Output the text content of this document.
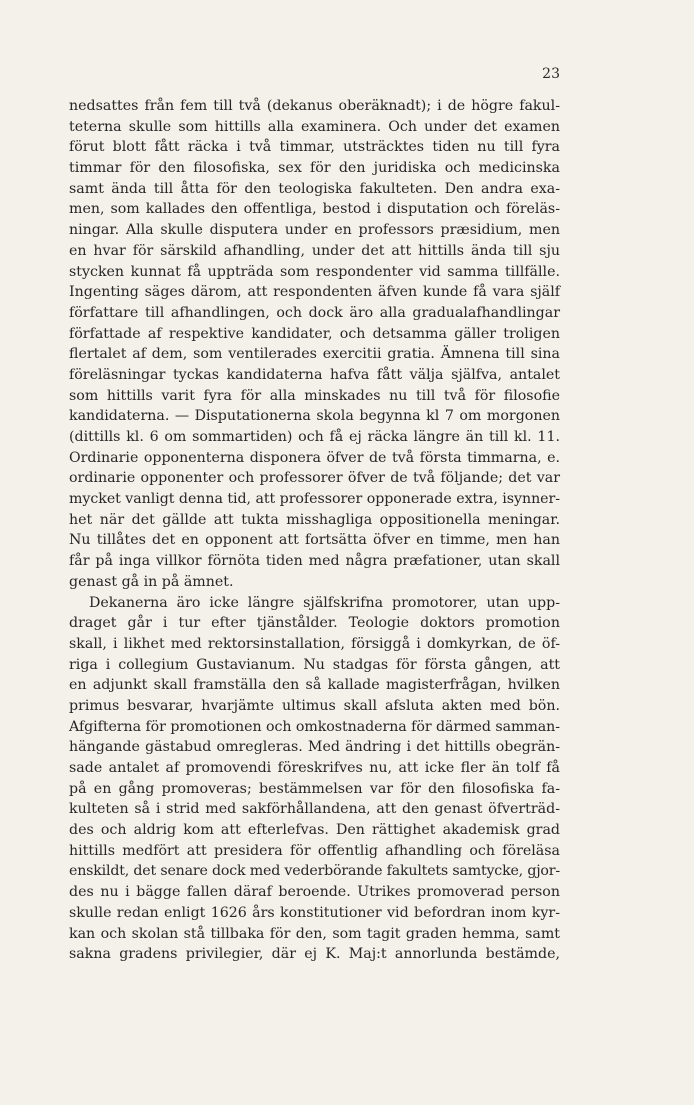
23
nedsattes från fem till två (dekanus oberäknadt); i de högre fakul-
teterna skulle som hittills alla examinera. Och under det examen
förut blott fått räcka i två timmar, utsträcktes tiden nu till fyra
timmar för den filosofiska, sex för den juridiska och medicinska
samt ända till åtta för den teologiska fakulteten. Den andra exa-
men, som kallades den offentliga, bestod i disputation och föreläs-
ningar. Alla skulle disputera under en professors præsidium, men
en hvar för särskild afhandling, under det att hittills ända till sju
stycken kunnat få uppträda som respondenter vid samma tillfälle.
Ingenting säges därom, att respondenten äfven kunde få vara själf
författare till afhandlingen, och dock äro alla gradualafhandlingar
författade af respektive kandidater, och detsamma gäller troligen
flertalet af dem, som ventilerades exercitii gratia. Ämnena till sina
föreläsningar tyckas kandidaterna hafva fått välja själfva, antalet
som hittills varit fyra för alla minskades nu till två för filosofie
kandidaterna. — Disputationerna skola begynna kl 7 om morgonen
(dittills kl. 6 om sommartiden) och få ej räcka längre än till kl. 11.
Ordinarie opponenterna disponera öfver de två första timmarna, e.
ordinarie opponenter och professorer öfver de två följande; det var
mycket vanligt denna tid, att professorer opponerade extra, isynner-
het när det gällde att tukta misshagliga oppositionella meningar.
Nu tillåtes det en opponent att fortsätta öfver en timme, men han
får på inga villkor förnöta tiden med några præfationer, utan skall
genast gå in på ämnet.
Dekanerna äro icke längre själfskrifna promotorer, utan upp-
draget går i tur efter tjänstålder. Teologie doktors promotion
skall, i likhet med rektorsinstallation, försiggå i domkyrkan, de öf-
riga i collegium Gustavianum. Nu stadgas för första gången, att
en adjunkt skall framställa den så kallade magisterfrågan, hvilken
primus besvarar, hvarjämte ultimus skall afsluta akten med bön.
Afgifterna för promotionen och omkostnaderna för därmed samman-
hängande gästabud omregleras. Med ändring i det hittills obegrän-
sade antalet af promovendi föreskrifves nu, att icke fler än tolf få
på en gång promoveras; bestämmelsen var för den filosofiska fa-
kulteten så i strid med sakförhållandena, att den genast öfverträd-
des och aldrig kom att efterlefvas. Den rättighet akademisk grad
hittills medfört att presidera för offentlig afhandling och föreläsa
enskildt, det senare dock med vederbörande fakultets samtycke, gjor-
des nu i bägge fallen däraf beroende. Utrikes promoverad person
skulle redan enligt 1626 års konstitutioner vid befordran inom kyr-
kan och skolan stå tillbaka för den, som tagit graden hemma, samt
sakna gradens privilegier, där ej K. Maj:t annorlunda bestämde,
